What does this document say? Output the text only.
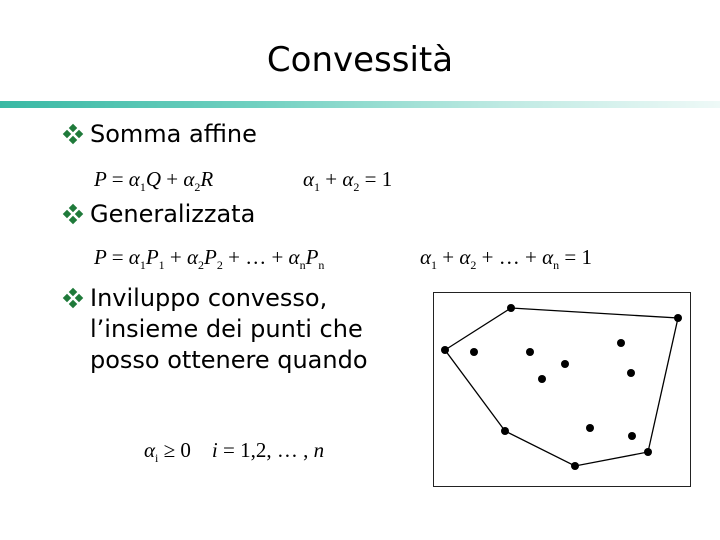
Convessità
Somma affine
$P = \alpha_1Q + \alpha_2R$	$\alpha_1 + \alpha_2 = 1$
Generalizzata
$P = \alpha_1P_1 + \alpha_2P_2$ + … + $\alpha_nP_n$	$\alpha_1 + \alpha_2$ + … + $\alpha_n = 1$
Inviluppo convesso,
l’insieme dei punti che
posso ottenere quando
$\alpha_i \ge 0$    i = 1,2, … , n
